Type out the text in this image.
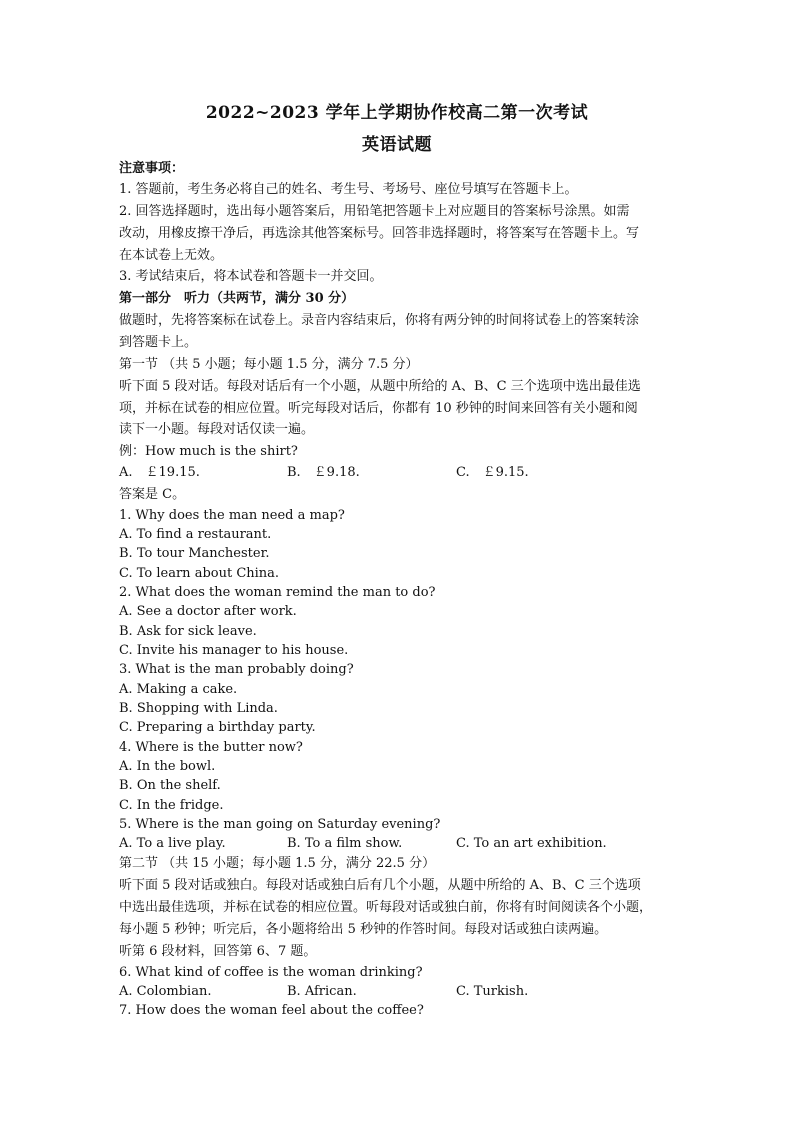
2022~2023 学年上学期协作校高二第一次考试
英语试题
注意事项：
1. 答题前，考生务必将自己的姓名、考生号、考场号、座位号填写在答题卡上。
2. 回答选择题时，选出每小题答案后，用铅笔把答题卡上对应题目的答案标号涂黑。如需
改动，用橡皮擦干净后，再选涂其他答案标号。回答非选择题时，将答案写在答题卡上。写
在本试卷上无效。
3. 考试结束后，将本试卷和答题卡一并交回。
第一部分　听力（共两节，满分 30 分）
做题时，先将答案标在试卷上。录音内容结束后，你将有两分钟的时间将试卷上的答案转涂
到答题卡上。
第一节 （共 5 小题；每小题 1.5 分，满分 7.5 分）
听下面 5 段对话。每段对话后有一个小题，从题中所给的 A、B、C 三个选项中选出最佳选
项，并标在试卷的相应位置。听完每段对话后，你都有 10 秒钟的时间来回答有关小题和阅
读下一小题。每段对话仅读一遍。
例：How much is the shirt?
A.　￡19.15.	B.　￡9.18.	C.　￡9.15.
答案是 C。
1. Why does the man need a map?
A. To find a restaurant.
B. To tour Manchester.
C. To learn about China.
2. What does the woman remind the man to do?
A. See a doctor after work.
B. Ask for sick leave.
C. Invite his manager to his house.
3. What is the man probably doing?
A. Making a cake.
B. Shopping with Linda.
C. Preparing a birthday party.
4. Where is the butter now?
A. In the bowl.
B. On the shelf.
C. In the fridge.
5. Where is the man going on Saturday evening?
A. To a live play.	B. To a film show.	C. To an art exhibition.
第二节 （共 15 小题；每小题 1.5 分，满分 22.5 分）
听下面 5 段对话或独白。每段对话或独白后有几个小题，从题中所给的 A、B、C 三个选项
中选出最佳选项，并标在试卷的相应位置。听每段对话或独白前，你将有时间阅读各个小题，
每小题 5 秒钟；听完后，各小题将给出 5 秒钟的作答时间。每段对话或独白读两遍。
听第 6 段材料，回答第 6、7 题。
6. What kind of coffee is the woman drinking?
A. Colombian.	B. African.	C. Turkish.
7. How does the woman feel about the coffee?
